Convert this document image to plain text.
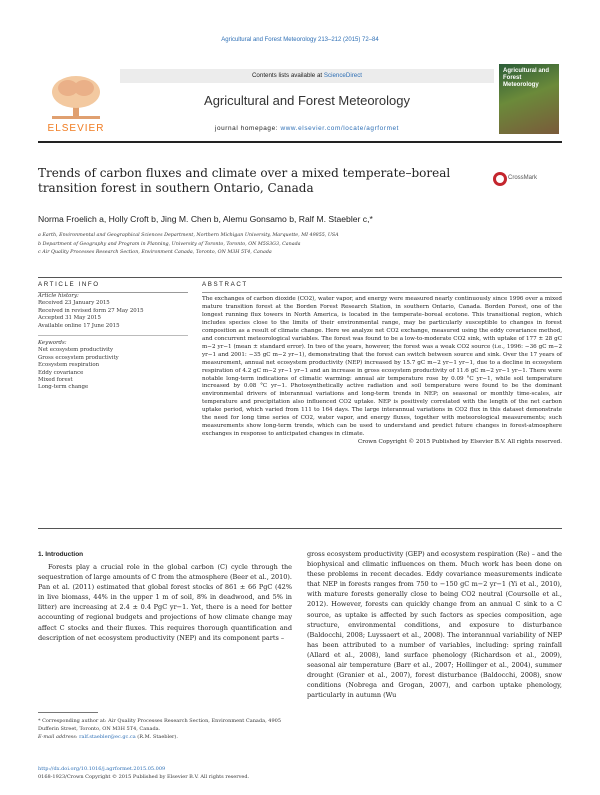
Agricultural and Forest Meteorology 213–212 (2015) 72–84
ELSEVIER
Contents lists available at ScienceDirect
Agricultural and Forest Meteorology
journal homepage: www.elsevier.com/locate/agrformet
Agricultural and Forest Meteorology
Trends of carbon fluxes and climate over a mixed temperate–boreal transition forest in southern Ontario, Canada
CrossMark
Norma Froelich a, Holly Croft b, Jing M. Chen b, Alemu Gonsamo b, Ralf M. Staebler c,*
a Earth, Environmental and Geographical Sciences Department, Northern Michigan University, Marquette, MI 49855, USA
b Department of Geography and Program in Planning, University of Toronto, Toronto, ON M5S3G3, Canada
c Air Quality Processes Research Section, Environment Canada, Toronto, ON M3H 5T4, Canada
ARTICLE INFO	ABSTRACT
Article history:
Received 23 January 2015
Received in revised form 27 May 2015
Accepted 31 May 2015
Available online 17 June 2015
Keywords:
Net ecosystem productivity
Gross ecosystem productivity
Ecosystem respiration
Eddy covariance
Mixed forest
Long-term change

The exchanges of carbon dioxide (CO2), water vapor, and energy were measured nearly continuously since 1996 over a mixed mature transition forest at the Borden Forest Research Station, in southern Ontario, Canada. Borden Forest, one of the longest running flux towers in North America, is located in the temperate–boreal ecotone. This transitional region, which includes species close to the limits of their environmental range, may be particularly susceptible to changes in forest composition as a result of climate change. Here we analyze net CO2 exchange, measured using the eddy covariance method, and concurrent meteorological variables. The forest was found to be a low-to-moderate CO2 sink, with uptake of 177 ± 28 gC m−2 yr−1 (mean ± standard error). In two of the years, however, the forest was a weak CO2 source (i.e., 1996: −36 gC m−2 yr−1 and 2001: −35 gC m−2 yr−1), demonstrating that the forest can switch between source and sink. Over the 17 years of measurement, annual net ecosystem productivity (NEP) increased by 15.7 gC m−2 yr−1 yr−1, due to a decline in ecosystem respiration of 4.2 gC m−2 yr−1 yr−1 and an increase in gross ecosystem productivity of 11.6 gC m−2 yr−1 yr−1. There were notable long-term indications of climatic warming: annual air temperature rose by 0.09 °C yr−1, while soil temperature increased by 0.08 °C yr−1. Photosynthetically active radiation and soil temperature were found to be the dominant environmental drivers of interannual variations and long-term trends in NEP; on seasonal or monthly time-scales, air temperature and precipitation also influenced CO2 uptake. NEP is positively correlated with the length of the net carbon uptake period, which varied from 111 to 164 days. The large interannual variations in CO2 flux in this dataset demonstrate the need for long time series of CO2, water vapor, and energy fluxes, together with meteorological measurements; such measurements show long-term trends, which can be used to understand and predict future changes in forest-atmosphere exchanges in response to anticipated changes in climate.

Crown Copyright © 2015 Published by Elsevier B.V. All rights reserved.

1. Introduction
Forests play a crucial role in the global carbon (C) cycle through the sequestration of large amounts of C from the atmosphere (Beer et al., 2010). Pan et al. (2011) estimated that global forest stocks of 861 ± 66 PgC (42% in live biomass, 44% in the upper 1 m of soil, 8% in deadwood, and 5% in litter) are increasing at 2.4 ± 0.4 PgC yr−1. Yet, there is a need for better accounting of regional budgets and projections of how climate change may affect C stocks and their fluxes. This requires thorough quantification and description of net ecosystem productivity (NEP) and its component parts –
gross ecosystem productivity (GEP) and ecosystem respiration (Re) – and the biophysical and climatic influences on them. Much work has been done on these problems in recent decades. Eddy covariance measurements indicate that NEP in forests ranges from 750 to −150 gC m−2 yr−1 (Yi et al., 2010), with mature forests generally close to being CO2 neutral (Coursolle et al., 2012). However, forests can quickly change from an annual C sink to a C source, as uptake is affected by such factors as species composition, age structure, environmental conditions, and exposure to disturbance (Baldocchi, 2008; Luyssaert et al., 2008). The interannual variability of NEP has been attributed to a number of variables, including: spring rainfall (Allard et al., 2008), land surface phenology (Richardson et al., 2009), seasonal air temperature (Barr et al., 2007; Hollinger et al., 2004), summer drought (Granier et al., 2007), forest disturbance (Baldocchi, 2008), snow conditions (Nobrega and Grogan, 2007), and carbon uptake phenology, particularly in autumn (Wu
* Corresponding author at: Air Quality Processes Research Section, Environment Canada, 4905 Dufferin Street, Toronto, ON M3H 5T4, Canada.
E-mail address: ralf.staebler@ec.gc.ca (R.M. Staebler).
http://dx.doi.org/10.1016/j.agrformet.2015.05.009
0168-1923/Crown Copyright © 2015 Published by Elsevier B.V. All rights reserved.
